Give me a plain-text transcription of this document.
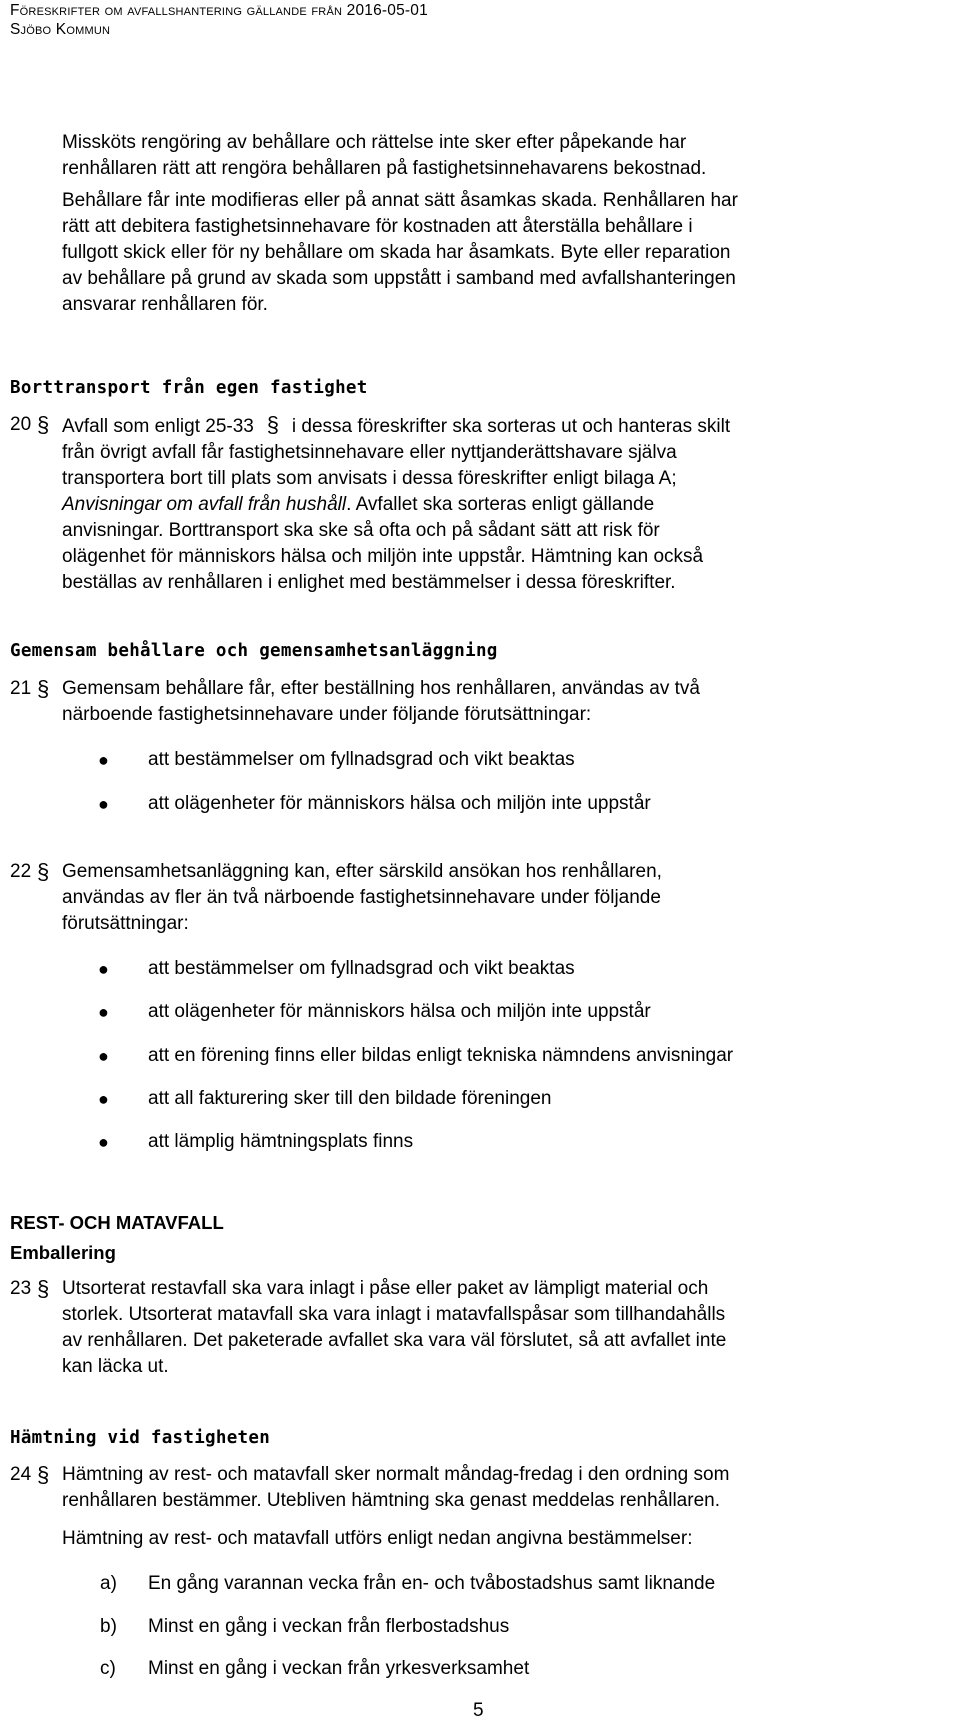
Föreskrifter om avfallshantering gällande från 2016-05-01
Sjöbo Kommun
Missköts rengöring av behållare och rättelse inte sker efter påpekande har
renhållaren rätt att rengöra behållaren på fastighetsinnehavarens bekostnad.
Behållare får inte modifieras eller på annat sätt åsamkas skada. Renhållaren har
rätt att debitera fastighetsinnehavare för kostnaden att återställa behållare i
fullgott skick eller för ny behållare om skada har åsamkats. Byte eller reparation
av behållare på grund av skada som uppstått i samband med avfallshanteringen
ansvarar renhållaren för.
Borttransport från egen fastighet
20 § Avfall som enligt 25-33 § i dessa föreskrifter ska sorteras ut och hanteras skilt
från övrigt avfall får fastighetsinnehavare eller nyttjanderättshavare själva
transportera bort till plats som anvisats i dessa föreskrifter enligt bilaga A;
Anvisningar om avfall från hushåll. Avfallet ska sorteras enligt gällande
anvisningar. Borttransport ska ske så ofta och på sådant sätt att risk för
olägenhet för människors hälsa och miljön inte uppstår. Hämtning kan också
beställas av renhållaren i enlighet med bestämmelser i dessa föreskrifter.
Gemensam behållare och gemensamhetsanläggning
21 § Gemensam behållare får, efter beställning hos renhållaren, användas av två
närboende fastighetsinnehavare under följande förutsättningar:
● att bestämmelser om fyllnadsgrad och vikt beaktas
● att olägenheter för människors hälsa och miljön inte uppstår
22 § Gemensamhetsanläggning kan, efter särskild ansökan hos renhållaren,
användas av fler än två närboende fastighetsinnehavare under följande
förutsättningar:
● att bestämmelser om fyllnadsgrad och vikt beaktas
● att olägenheter för människors hälsa och miljön inte uppstår
● att en förening finns eller bildas enligt tekniska nämndens anvisningar
● att all fakturering sker till den bildade föreningen
● att lämplig hämtningsplats finns
REST- OCH MATAVFALL
Emballering
23 § Utsorterat restavfall ska vara inlagt i påse eller paket av lämpligt material och
storlek. Utsorterat matavfall ska vara inlagt i matavfallspåsar som tillhandahålls
av renhållaren. Det paketerade avfallet ska vara väl förslutet, så att avfallet inte
kan läcka ut.
Hämtning vid fastigheten
24 § Hämtning av rest- och matavfall sker normalt måndag-fredag i den ordning som
renhållaren bestämmer. Utebliven hämtning ska genast meddelas renhållaren.
Hämtning av rest- och matavfall utförs enligt nedan angivna bestämmelser:
a) En gång varannan vecka från en- och tvåbostadshus samt liknande
b) Minst en gång i veckan från flerbostadshus
c) Minst en gång i veckan från yrkesverksamhet
5
